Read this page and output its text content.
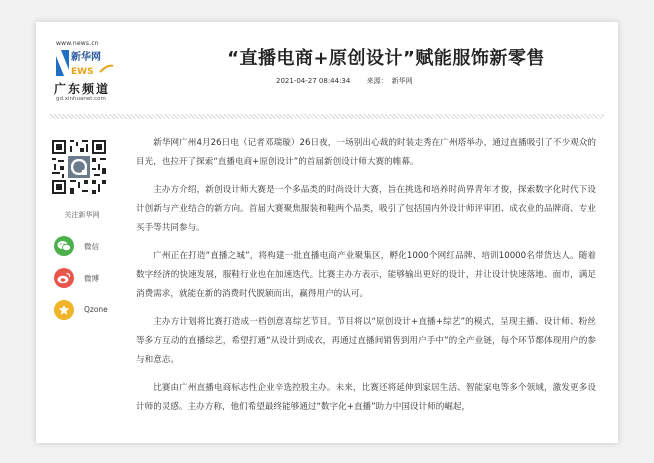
www.news.cn
新华网
EWS
广东频道
gd.xinhuanet.com
“直播电商+原创设计”赋能服饰新零售
2021-04-27 08:44:34 来源： 新华网
关注新华网
微信
微博
Qzone

新华网广州4月26日电（记者邓瑞璇）26日夜，一场别出心裁的时装走秀在广州塔举办，通过直播吸引了不少观众的目光，也拉开了探索“直播电商+原创设计”的首届新创设计师大赛的帷幕。

主办方介绍，新创设计师大赛是一个多品类的时尚设计大赛，旨在挑选和培养时尚界青年才俊，探索数字化时代下设计创新与产业结合的新方向。首届大赛聚焦服装和鞋两个品类，吸引了包括国内外设计师评审团、成衣业的品牌商、专业买手等共同参与。

广州正在打造“直播之城”，将构建一批直播电商产业聚集区，孵化1000个网红品牌、培训10000名带货达人。随着数字经济的快速发展，服鞋行业也在加速迭代。比赛主办方表示，能够输出更好的设计，并让设计快速落地、面市，满足消费需求，就能在新的消费时代脱颖而出，赢得用户的认可。

主办方计划将比赛打造成一档创意喜综艺节目。节目将以“原创设计+直播+综艺”的模式，呈现主播、设计师、粉丝等多方互动的直播综艺，希望打通“从设计到成衣，再通过直播间销售到用户手中”的全产业链，每个环节都体现用户的参与和意志。

比赛由广州直播电商标志性企业辛选控股主办。未来，比赛还将延伸到家居生活、智能家电等多个领域，激发更多设计师的灵感。主办方称，他们希望最终能够通过“数字化+直播”助力中国设计师的崛起，
